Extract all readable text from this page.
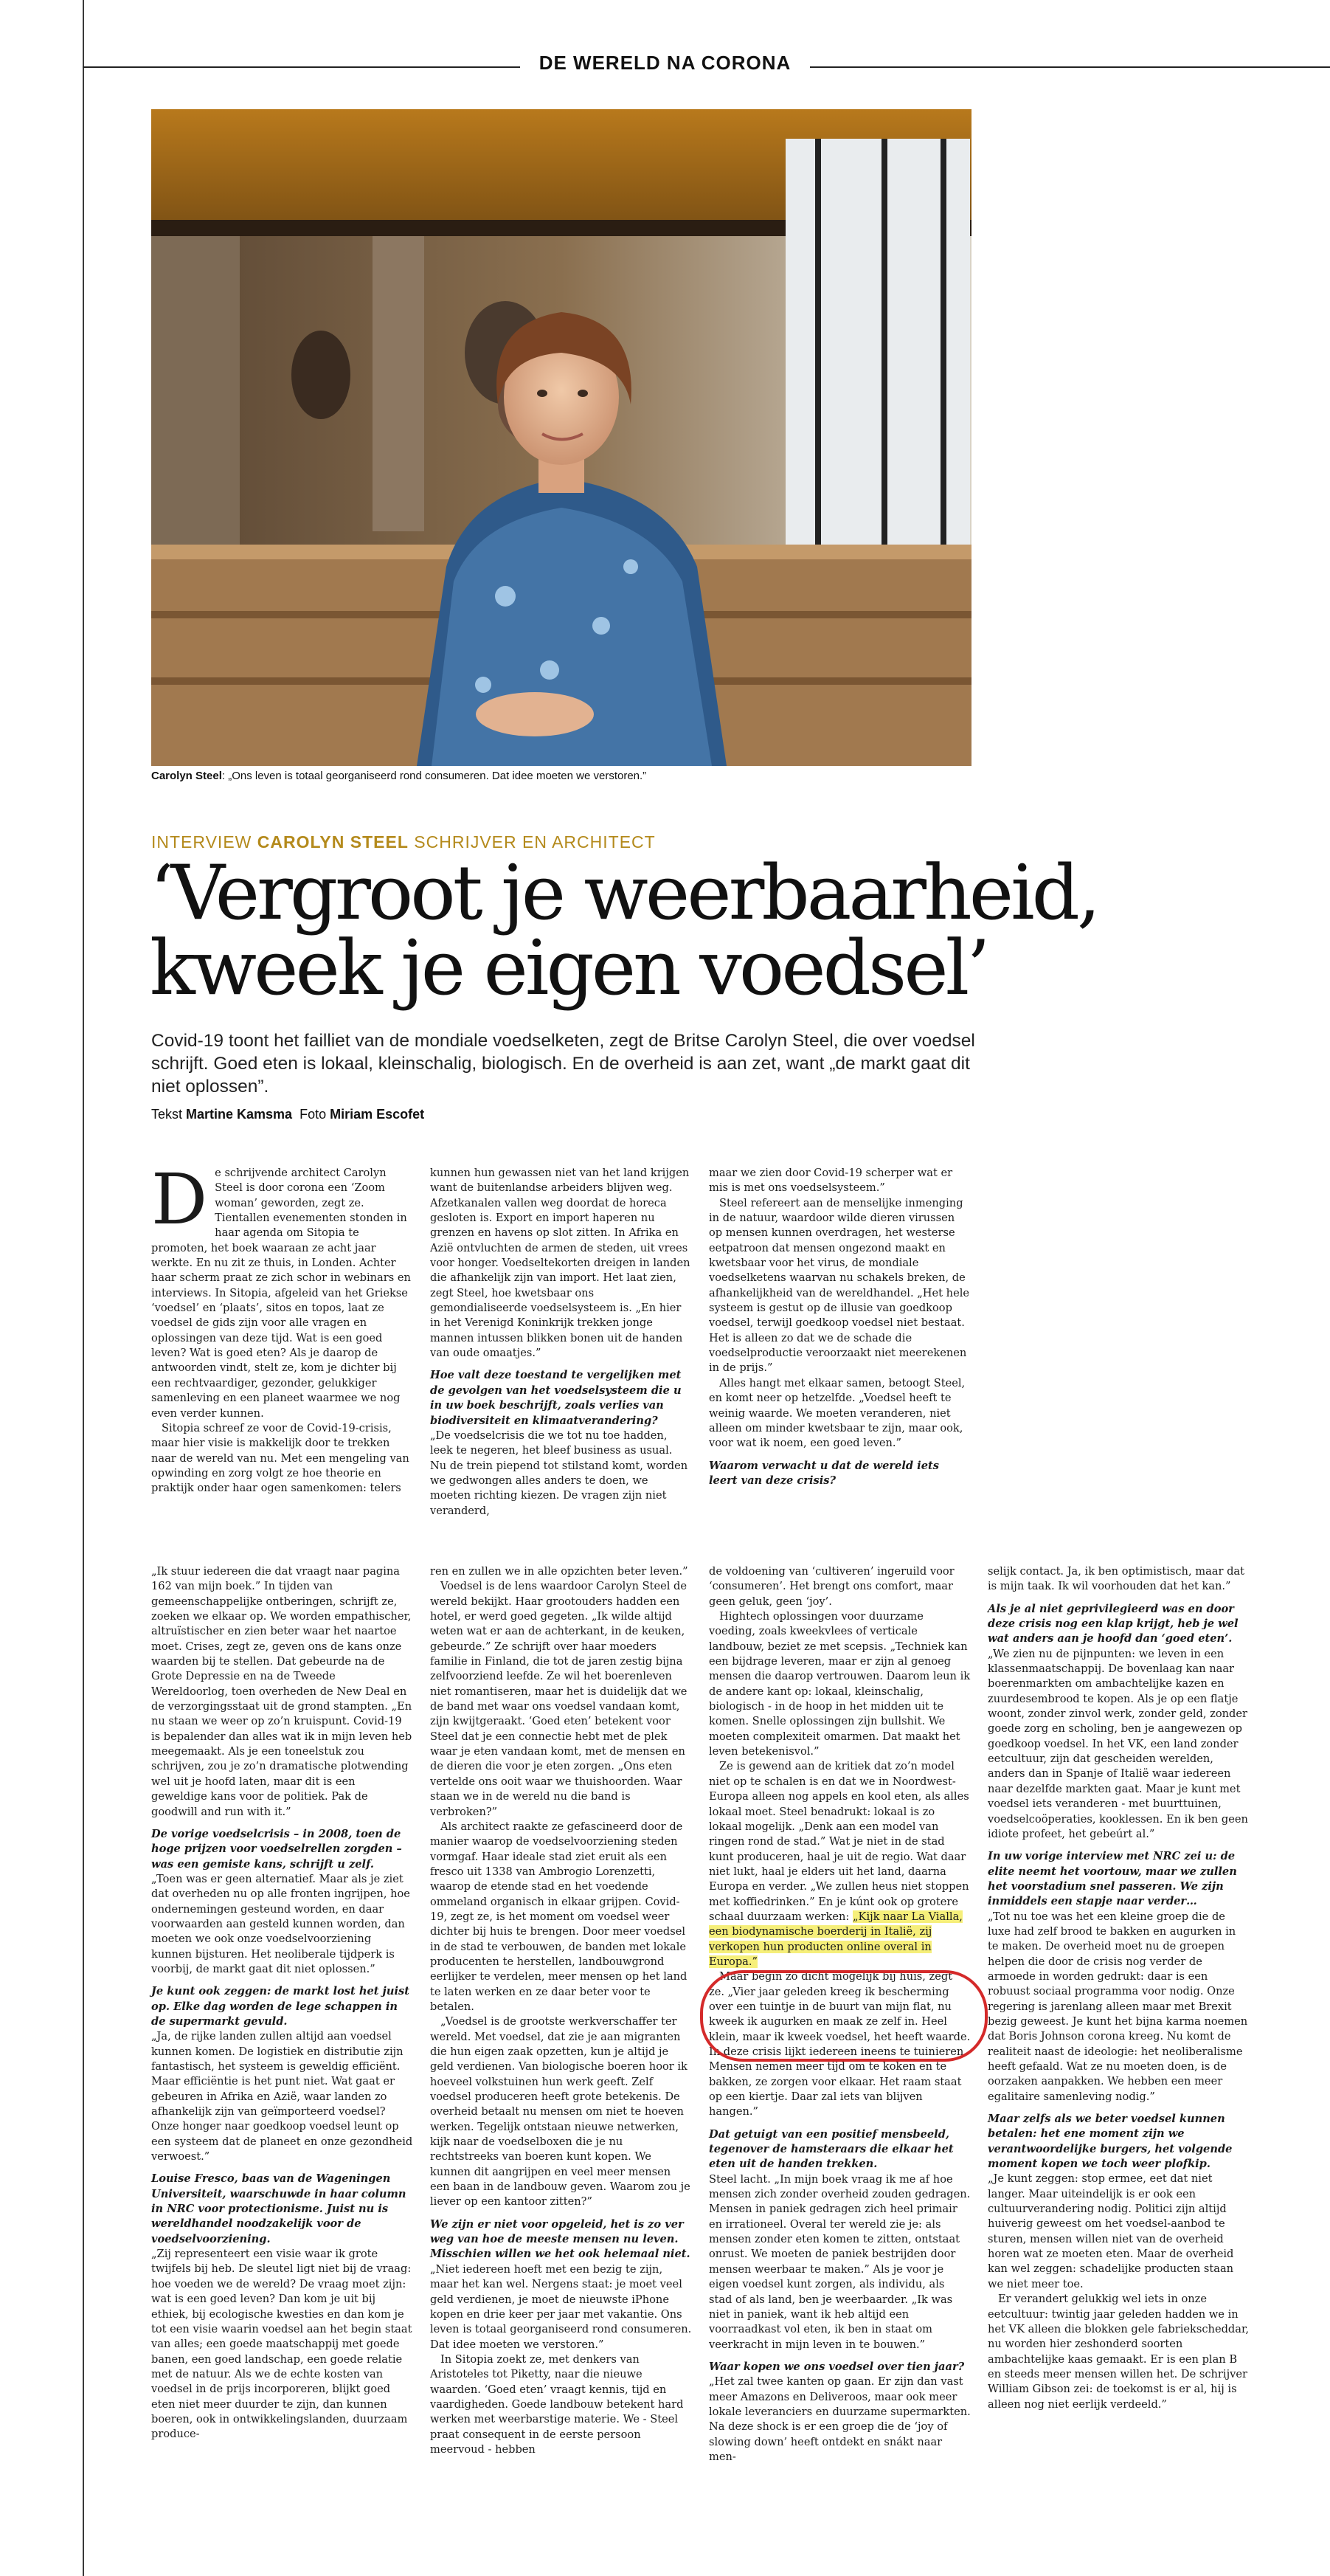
DE WERELD NA CORONA
Carolyn Steel: „Ons leven is totaal georganiseerd rond consumeren. Dat idee moeten we verstoren.”
INTERVIEW CAROLYN STEEL SCHRIJVER EN ARCHITECT
‘Vergroot je weerbaarheid,
kweek je eigen voedsel’
Covid-19 toont het failliet van de mondiale voedselketen, zegt de Britse Carolyn Steel, die over voedsel schrijft. Goed eten is lokaal, kleinschalig, biologisch. En de overheid is aan zet, want „de markt gaat dit niet oplossen”.
Tekst Martine Kamsma  Foto Miriam Escofet

De schrijvende architect Carolyn Steel is door corona een ‘Zoom woman’ geworden, zegt ze. Tientallen evenementen stonden in haar agenda om Sitopia te promoten, het boek waaraan ze acht jaar werkte. En nu zit ze thuis, in Londen. Achter haar scherm praat ze zich schor in webinars en interviews. In Sitopia, afgeleid van het Griekse ‘voedsel’ en ‘plaats’, sitos en topos, laat ze voedsel de gids zijn voor alle vragen en oplossingen van deze tijd. Wat is een goed leven? Wat is goed eten? Als je daarop de antwoorden vindt, stelt ze, kom je dichter bij een rechtvaardiger, gezonder, gelukkiger samenleving en een planeet waarmee we nog even verder kunnen.

Sitopia schreef ze voor de Covid-19-crisis, maar hier visie is makkelijk door te trekken naar de wereld van nu. Met een mengeling van opwinding en zorg volgt ze hoe theorie en praktijk onder haar ogen samenkomen: telers

kunnen hun gewassen niet van het land krijgen want de buitenlandse arbeiders blijven weg. Afzetkanalen vallen weg doordat de horeca gesloten is. Export en import haperen nu grenzen en havens op slot zitten. In Afrika en Azië ontvluchten de armen de steden, uit vrees voor honger. Voedseltekorten dreigen in landen die afhankelijk zijn van import. Het laat zien, zegt Steel, hoe kwetsbaar ons gemondialiseerde voedselsysteem is. „En hier in het Verenigd Koninkrijk trekken jonge mannen intussen blikken bonen uit de handen van oude omaatjes.”

Hoe valt deze toestand te vergelijken met de gevolgen van het voedselsysteem die u in uw boek beschrijft, zoals verlies van biodiversiteit en klimaatverandering?

„De voedselcrisis die we tot nu toe hadden, leek te negeren, het bleef business as usual. Nu de trein piepend tot stilstand komt, worden we gedwongen alles anders te doen, we moeten richting kiezen. De vragen zijn niet veranderd,

maar we zien door Covid-19 scherper wat er mis is met ons voedselsysteem.”

Steel refereert aan de menselijke inmenging in de natuur, waardoor wilde dieren virussen op mensen kunnen overdragen, het westerse eetpatroon dat mensen ongezond maakt en kwetsbaar voor het virus, de mondiale voedselketens waarvan nu schakels breken, de afhankelijkheid van de wereldhandel. „Het hele systeem is gestut op de illusie van goedkoop voedsel, terwijl goedkoop voedsel niet bestaat. Het is alleen zo dat we de schade die voedselproductie veroorzaakt niet meerekenen in de prijs.”

Alles hangt met elkaar samen, betoogt Steel, en komt neer op hetzelfde. „Voedsel heeft te weinig waarde. We moeten veranderen, niet alleen om minder kwetsbaar te zijn, maar ook, voor wat ik noem, een goed leven.”

Waarom verwacht u dat de wereld iets leert van deze crisis?

„Ik stuur iedereen die dat vraagt naar pagina 162 van mijn boek.” In tijden van gemeenschappelijke ontberingen, schrijft ze, zoeken we elkaar op. We worden empathischer, altruïstischer en zien beter waar het naartoe moet. Crises, zegt ze, geven ons de kans onze waarden bij te stellen. Dat gebeurde na de Grote Depressie en na de Tweede Wereldoorlog, toen overheden de New Deal en de verzorgingsstaat uit de grond stampten. „En nu staan we weer op zo’n kruispunt. Covid-19 is bepalender dan alles wat ik in mijn leven heb meegemaakt. Als je een toneelstuk zou schrijven, zou je zo’n dramatische plotwending wel uit je hoofd laten, maar dit is een geweldige kans voor de politiek. Pak de goodwill and run with it.”

De vorige voedselcrisis – in 2008, toen de hoge prijzen voor voedselrellen zorgden – was een gemiste kans, schrijft u zelf.

„Toen was er geen alternatief. Maar als je ziet dat overheden nu op alle fronten ingrijpen, hoe ondernemingen gesteund worden, en daar voorwaarden aan gesteld kunnen worden, dan moeten we ook onze voedselvoorziening kunnen bijsturen. Het neoliberale tijdperk is voorbij, de markt gaat dit niet oplossen.”

Je kunt ook zeggen: de markt lost het juist op. Elke dag worden de lege schappen in de supermarkt gevuld.

„Ja, de rijke landen zullen altijd aan voedsel kunnen komen. De logistiek en distributie zijn fantastisch, het systeem is geweldig efficiënt. Maar efficiëntie is het punt niet. Wat gaat er gebeuren in Afrika en Azië, waar landen zo afhankelijk zijn van geïmporteerd voedsel? Onze honger naar goedkoop voedsel leunt op een systeem dat de planeet en onze gezondheid verwoest.”

Louise Fresco, baas van de Wageningen Universiteit, waarschuwde in haar column in NRC voor protectionisme. Juist nu is wereldhandel noodzakelijk voor de voedselvoorziening.

„Zij representeert een visie waar ik grote twijfels bij heb. De sleutel ligt niet bij de vraag: hoe voeden we de wereld? De vraag moet zijn: wat is een goed leven? Dan kom je uit bij ethiek, bij ecologische kwesties en dan kom je tot een visie waarin voedsel aan het begin staat van alles; een goede maatschappij met goede banen, een goed landschap, een goede relatie met de natuur. Als we de echte kosten van voedsel in de prijs incorporeren, blijkt goed eten niet meer duurder te zijn, dan kunnen boeren, ook in ontwikkelingslanden, duurzaam produce-

ren en zullen we in alle opzichten beter leven.”

Voedsel is de lens waardoor Carolyn Steel de wereld bekijkt. Haar grootouders hadden een hotel, er werd goed gegeten. „Ik wilde altijd weten wat er aan de achterkant, in de keuken, gebeurde.” Ze schrijft over haar moeders familie in Finland, die tot de jaren zestig bijna zelfvoorziend leefde. Ze wil het boerenleven niet romantiseren, maar het is duidelijk dat we de band met waar ons voedsel vandaan komt, zijn kwijtgeraakt. ‘Goed eten’ betekent voor Steel dat je een connectie hebt met de plek waar je eten vandaan komt, met de mensen en de dieren die voor je eten zorgen. „Ons eten vertelde ons ooit waar we thuishoorden. Waar staan we in de wereld nu die band is verbroken?”

Als architect raakte ze gefascineerd door de manier waarop de voedselvoorziening steden vormgaf. Haar ideale stad ziet eruit als een fresco uit 1338 van Ambrogio Lorenzetti, waarop de etende stad en het voedende ommeland organisch in elkaar grijpen. Covid-19, zegt ze, is het moment om voedsel weer dichter bij huis te brengen. Door meer voedsel in de stad te verbouwen, de banden met lokale producenten te herstellen, landbouwgrond eerlijker te verdelen, meer mensen op het land te laten werken en ze daar beter voor te betalen.

„Voedsel is de grootste werkverschaffer ter wereld. Met voedsel, dat zie je aan migranten die hun eigen zaak opzetten, kun je altijd je geld verdienen. Van biologische boeren hoor ik hoeveel volkstuinen hun werk geeft. Zelf voedsel produceren heeft grote betekenis. De overheid betaalt nu mensen om niet te hoeven werken. Tegelijk ontstaan nieuwe netwerken, kijk naar de voedselboxen die je nu rechtstreeks van boeren kunt kopen. We kunnen dit aangrijpen en veel meer mensen een baan in de landbouw geven. Waarom zou je liever op een kantoor zitten?”

We zijn er niet voor opgeleid, het is zo ver weg van hoe de meeste mensen nu leven. Misschien willen we het ook helemaal niet.

„Niet iedereen hoeft met een bezig te zijn, maar het kan wel. Nergens staat: je moet veel geld verdienen, je moet de nieuwste iPhone kopen en drie keer per jaar met vakantie. Ons leven is totaal georganiseerd rond consumeren. Dat idee moeten we verstoren.”

In Sitopia zoekt ze, met denkers van Aristoteles tot Piketty, naar die nieuwe waarden. ‘Goed eten’ vraagt kennis, tijd en vaardigheden. Goede landbouw betekent hard werken met weerbarstige materie. We - Steel praat consequent in de eerste persoon meervoud - hebben

de voldoening van ‘cultiveren’ ingeruild voor ‘consumeren’. Het brengt ons comfort, maar geen geluk, geen ‘joy’.

Hightech oplossingen voor duurzame voeding, zoals kweekvlees of verticale landbouw, beziet ze met scepsis. „Techniek kan een bijdrage leveren, maar er zijn al genoeg mensen die daarop vertrouwen. Daarom leun ik de andere kant op: lokaal, kleinschalig, biologisch - in de hoop in het midden uit te komen. Snelle oplossingen zijn bullshit. We moeten complexiteit omarmen. Dat maakt het leven betekenisvol.”

Ze is gewend aan de kritiek dat zo’n model niet op te schalen is en dat we in Noordwest-Europa alleen nog appels en kool eten, als alles lokaal moet. Steel benadrukt: lokaal is zo lokaal mogelijk. „Denk aan een model van ringen rond de stad.” Wat je niet in de stad kunt produceren, haal je uit de regio. Wat daar niet lukt, haal je elders uit het land, daarna Europa en verder. „We zullen heus niet stoppen met koffiedrinken.” En je kúnt ook op grotere schaal duurzaam werken: „Kijk naar La Vialla, een biodynamische boerderij in Italië, zij verkopen hun producten online overal in Europa.”

Maar begin zo dicht mogelijk bij huis, zegt ze. „Vier jaar geleden kreeg ik bescherming over een tuintje in de buurt van mijn flat, nu kweek ik augurken en maak ze zelf in. Heel klein, maar ik kweek voedsel, het heeft waarde. In deze crisis lijkt iedereen ineens te tuinieren. Mensen nemen meer tijd om te koken en te bakken, ze zorgen voor elkaar. Het raam staat op een kiertje. Daar zal iets van blijven hangen.”

Dat getuigt van een positief mensbeeld, tegenover de hamsteraars die elkaar het eten uit de handen trekken.

Steel lacht. „In mijn boek vraag ik me af hoe mensen zich zonder overheid zouden gedragen. Mensen in paniek gedragen zich heel primair en irrationeel. Overal ter wereld zie je: als mensen zonder eten komen te zitten, ontstaat onrust. We moeten de paniek bestrijden door mensen weerbaar te maken.” Als je voor je eigen voedsel kunt zorgen, als individu, als stad of als land, ben je weerbaarder. „Ik was niet in paniek, want ik heb altijd een voorraadkast vol eten, ik ben in staat om veerkracht in mijn leven in te bouwen.”

Waar kopen we ons voedsel over tien jaar?

„Het zal twee kanten op gaan. Er zijn dan vast meer Amazons en Deliveroos, maar ook meer lokale leveranciers en duurzame supermarkten. Na deze shock is er een groep die de ‘joy of slowing down’ heeft ontdekt en snákt naar men-

selijk contact. Ja, ik ben optimistisch, maar dat is mijn taak. Ik wil voorhouden dat het kan.”

Als je al niet geprivilegieerd was en door deze crisis nog een klap krijgt, heb je wel wat anders aan je hoofd dan ‘goed eten’.

„We zien nu de pijnpunten: we leven in een klassenmaatschappij. De bovenlaag kan naar boerenmarkten om ambachtelijke kazen en zuurdesembrood te kopen. Als je op een flatje woont, zonder zinvol werk, zonder geld, zonder goede zorg en scholing, ben je aangewezen op goedkoop voedsel. In het VK, een land zonder eetcultuur, zijn dat gescheiden werelden, anders dan in Spanje of Italië waar iedereen naar dezelfde markten gaat. Maar je kunt met voedsel iets veranderen - met buurttuinen, voedselcoöperaties, kooklessen. En ik ben geen idiote profeet, het gebeúrt al.”

In uw vorige interview met NRC zei u: de elite neemt het voortouw, maar we zullen het voorstadium snel passeren. We zijn inmiddels een stapje naar verder…

„Tot nu toe was het een kleine groep die de luxe had zelf brood te bakken en augurken in te maken. De overheid moet nu de groepen helpen die door de crisis nog verder de armoede in worden gedrukt: daar is een robuust sociaal programma voor nodig. Onze regering is jarenlang alleen maar met Brexit bezig geweest. Je kunt het bijna karma noemen dat Boris Johnson corona kreeg. Nu komt de realiteit naast de ideologie: het neoliberalisme heeft gefaald. Wat ze nu moeten doen, is de oorzaken aanpakken. We hebben een meer egalitaire samenleving nodig.”

Maar zelfs als we beter voedsel kunnen betalen: het ene moment zijn we verantwoordelijke burgers, het volgende moment kopen we toch weer plofkip.

„Je kunt zeggen: stop ermee, eet dat niet langer. Maar uiteindelijk is er ook een cultuurverandering nodig. Politici zijn altijd huiverig geweest om het voedsel-aanbod te sturen, mensen willen niet van de overheid horen wat ze moeten eten. Maar de overheid kan wel zeggen: schadelijke producten staan we niet meer toe.

Er verandert gelukkig wel iets in onze eetcultuur: twintig jaar geleden hadden we in het VK alleen die blokken gele fabriekscheddar, nu worden hier zeshonderd soorten ambachtelijke kaas gemaakt. Er is een plan B en steeds meer mensen willen het. De schrijver William Gibson zei: de toekomst is er al, hij is alleen nog niet eerlijk verdeeld.”
